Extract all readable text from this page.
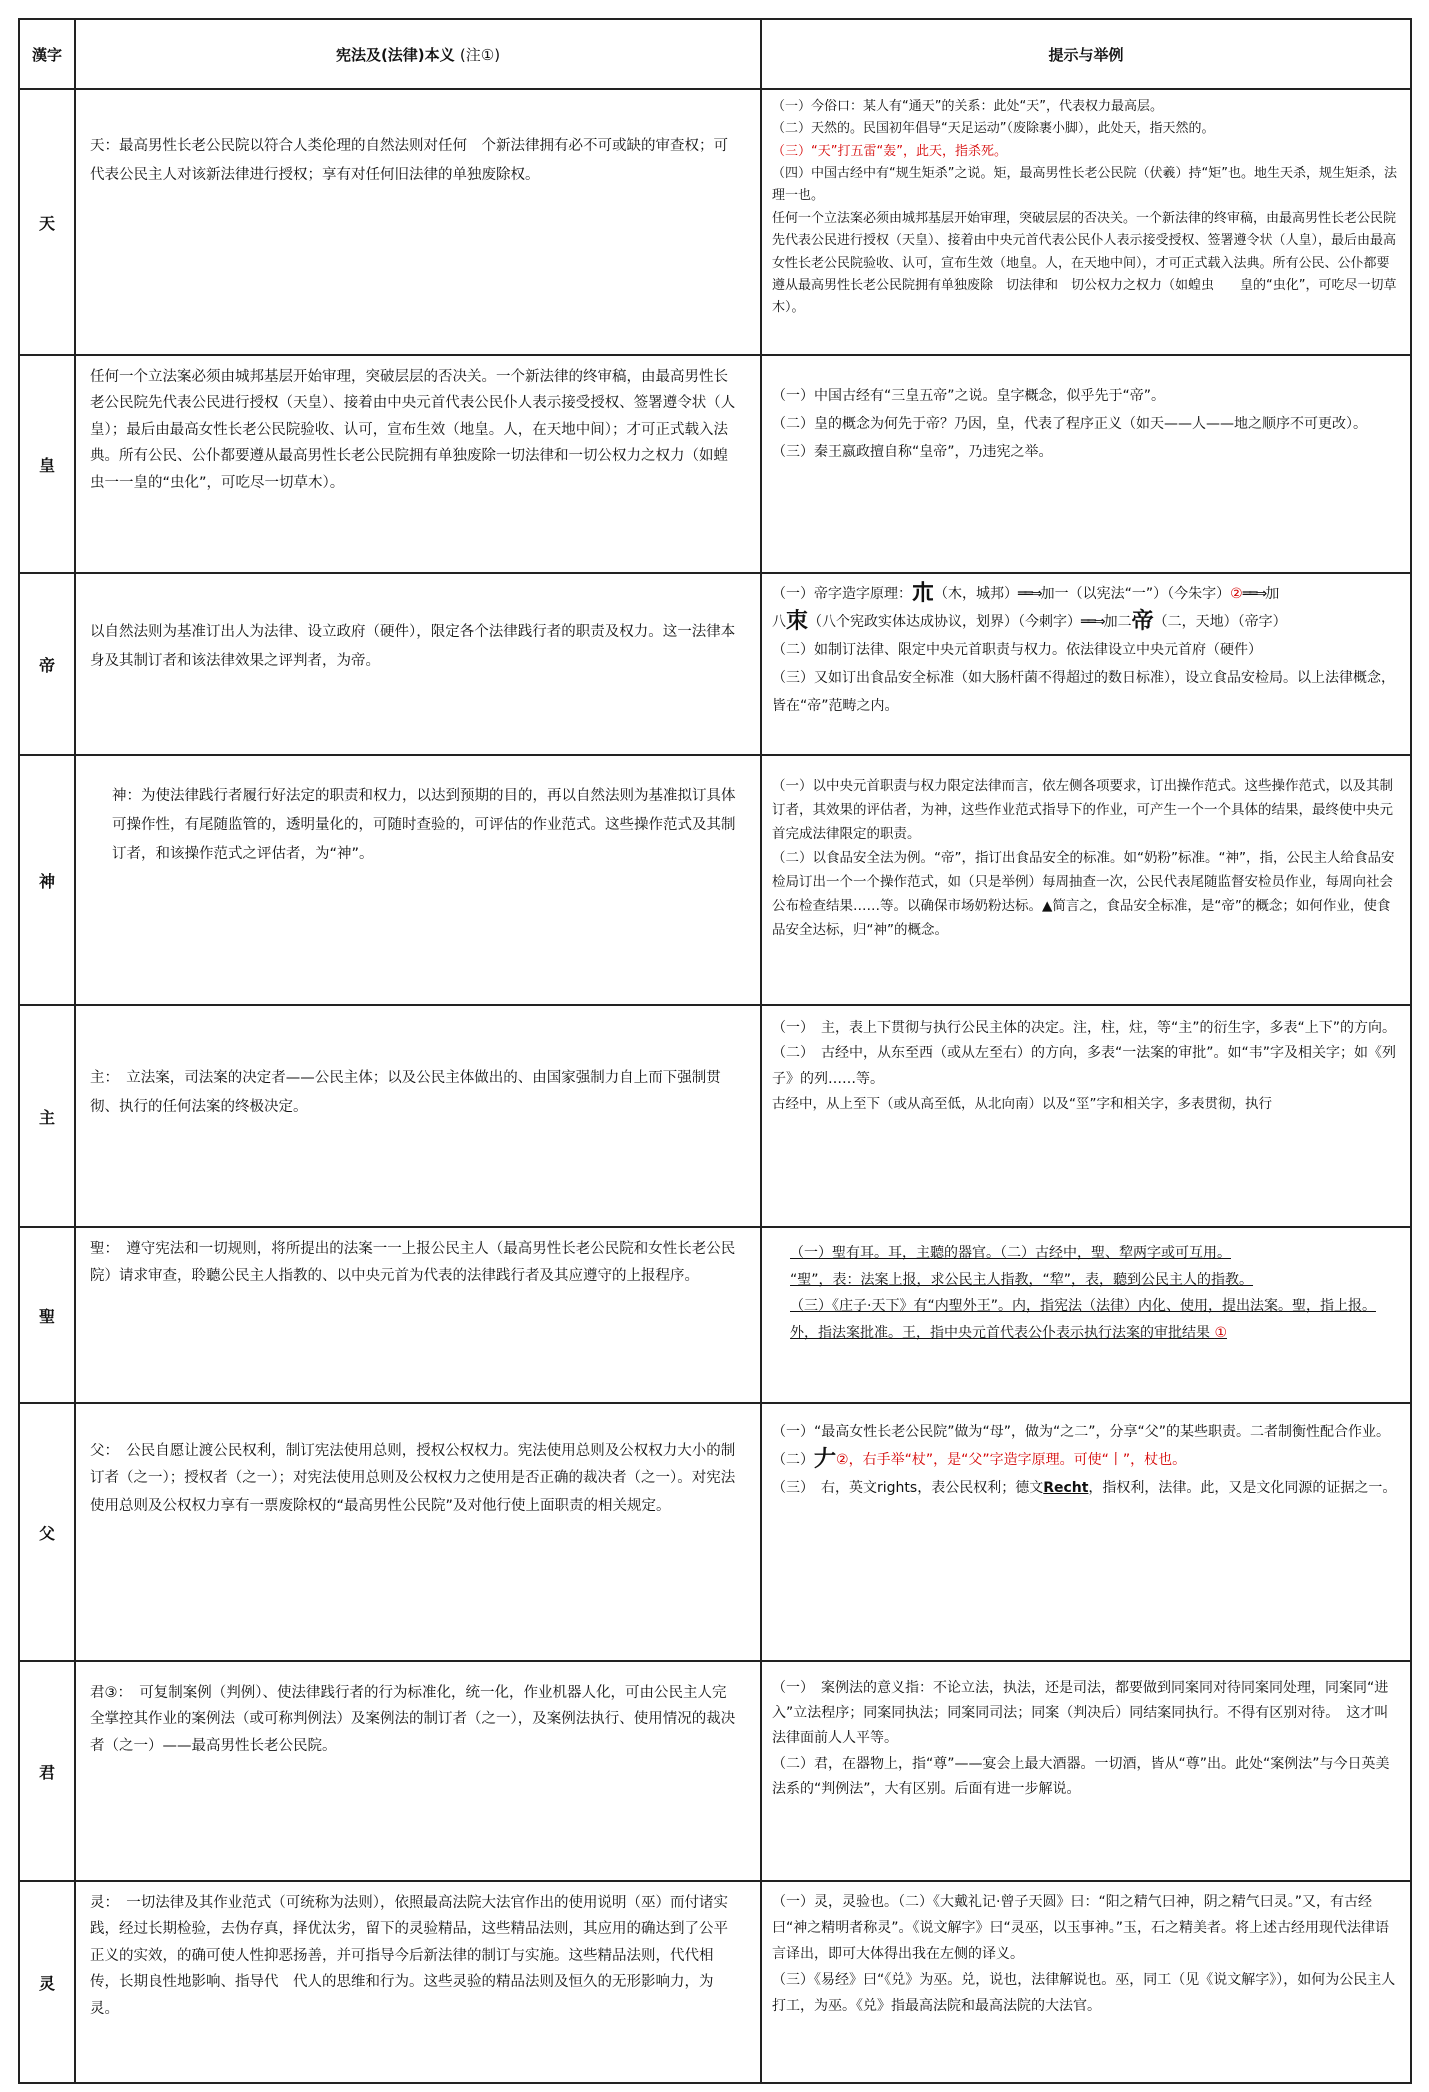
漢字	宪法及(法律)本义 (注①)	提示与举例
天	天：最高男性长老公民院以符合人类伦理的自然法则对任何　个新法律拥有必不可或缺的审查权；可代表公民主人对该新法律进行授权；享有对任何旧法律的单独废除权。	（一）今俗口：某人有“通天”的关系：此处“天”，代表权力最高层。

（二）天然的。民国初年倡导“天足运动”（废除裹小脚），此处天，指天然的。

（三）“天”打五雷“轰”，此天，指杀死。

（四）中国古经中有“规生矩杀”之说。矩，最高男性长老公民院（伏羲）持“矩”也。地生天杀，规生矩杀，法理一也。

任何一个立法案必须由城邦基层开始审理，突破层层的否决关。一个新法律的终审稿，由最高男性长老公民院先代表公民进行授权（天皇）、接着由中央元首代表公民仆人表示接受授权、签署遵令状（人皇），最后由最高女性长老公民院验收、认可，宣布生效（地皇。人，在天地中间），才可正式载入法典。所有公民、公仆都要遵从最高男性长老公民院拥有单独废除　切法律和　切公权力之权力（如蝗虫　　皇的“虫化”，可吃尽一切草木）。

皇	任何一个立法案必须由城邦基层开始审理，突破层层的否决关。一个新法律的终审稿，由最高男性长老公民院先代表公民进行授权（天皇）、接着由中央元首代表公民仆人表示接受授权、签署遵令状（人皇）；最后由最高女性长老公民院验收、认可，宣布生效（地皇。人，在天地中间）；才可正式载入法典。所有公民、公仆都要遵从最高男性长老公民院拥有单独废除一切法律和一切公权力之权力（如蝗虫一一皇的“虫化”，可吃尽一切草木）。	（一）中国古经有“三皇五帝”之说。皇字概念，似乎先于“帝”。

（二）皇的概念为何先于帝？乃因，皇，代表了程序正义（如天——人——地之顺序不可更改）。

（三）秦王嬴政擅自称“皇帝”，乃违宪之举。

帝	以自然法则为基准订出人为法律、设立政府（硬件），限定各个法律践行者的职责及权力。这一法律本身及其制订者和该法律效果之评判者，为帝。	（一）帝字造字原理：𣎳（木，城邦）══⇒加一（以宪法“一”）（今朱字）②══⇒加

八朿（八个宪政实体达成协议，划界）（今刺字）══⇒加二帝（二，天地）（帝字）

（二）如制订法律、限定中央元首职责与权力。依法律设立中央元首府（硬件）

（三）又如订出食品安全标准（如大肠杆菌不得超过的数日标准），设立食品安检局。以上法律概念，皆在“帝”范畴之内。

神	神：为使法律践行者履行好法定的职责和权力，以达到预期的目的，再以自然法则为基准拟订具体可操作性，有尾随监管的，透明量化的，可随时查验的，可评估的作业范式。这些操作范式及其制订者，和该操作范式之评估者，为“神”。	（一）以中央元首职责与权力限定法律而言，依左侧各项要求，订出操作范式。这些操作范式，以及其制订者，其效果的评估者，为神，这些作业范式指导下的作业，可产生一个一个具体的结果，最终使中央元首完成法律限定的职责。

（二）以食品安全法为例。“帝”，指订出食品安全的标准。如“奶粉”标准。“神”，指，公民主人给食品安检局订出一个一个操作范式，如（只是举例）每周抽查一次，公民代表尾随监督安检员作业，每周向社会公布检查结果……等。以确保市场奶粉达标。▲简言之，食品安全标准，是“帝”的概念；如何作业，使食品安全达标，归“神”的概念。

主	主：　立法案，司法案的决定者——公民主体；以及公民主体做出的、由国家强制力自上而下强制贯彻、执行的任何法案的终极决定。	（一）　主，表上下贯彻与执行公民主体的决定。注，柱，炷，等“主”的衍生字，多表“上下”的方向。

（二）　古经中，从东至西（或从左至右）的方向，多表“一法案的审批”。如“韦”字及相关字；如《列子》的列……等。

古经中，从上至下（或从高至低，从北向南）以及“坙”字和相关字，多表贯彻，执行

聖	聖：　遵守宪法和一切规则，将所提出的法案一一上报公民主人（最高男性长老公民院和女性长老公民院）请求审查，聆聽公民主人指教的、以中央元首为代表的法律践行者及其应遵守的上报程序。	（一）聖有耳。耳，主聽的器官。（二）古经中，聖、犂两字或可互用。

“聖”，表：法案上报，求公民主人指教，“犂”，表，聽到公民主人的指教。

（三）《庄子·天下》有“内聖外王”。内，指宪法（法律）内化、使用，提出法案。聖，指上报。外，指法案批准。王，指中央元首代表公仆表示执行法案的审批结果 ①

父	父：　公民自愿让渡公民权利，制订宪法使用总则，授权公权权力。宪法使用总则及公权权力大小的制订者（之一）；授权者（之一）；对宪法使用总则及公权权力之使用是否正确的裁决者（之一）。对宪法使用总则及公权权力享有一票废除权的“最高男性公民院”及对他行使上面职责的相关规定。	（一）“最高女性长老公民院”做为“母”，做为“之二”，分享“父”的某些职责。二者制衡性配合作业。

（二）𠂇②，右手举“杖”，是“父”字造字原理。可使“丨”，杖也。

（三）　右，英文rights，表公民权利；德文Recht，指权利，法律。此，又是文化同源的证据之一。

君	君③：　可复制案例（判例）、使法律践行者的行为标准化，统一化，作业机器人化，可由公民主人完全掌控其作业的案例法（或可称判例法）及案例法的制订者（之一），及案例法执行、使用情况的裁决者（之一）——最高男性长老公民院。	（一）　案例法的意义指：不论立法，执法，还是司法，都要做到同案同对待同案同处理，同案同“进入”立法程序；同案同执法；同案同司法；同案（判决后）同结案同执行。不得有区别对待。　这才叫法律面前人人平等。

（二）君，在器物上，指“尊”——宴会上最大酒器。一切酒，皆从“尊”出。此处“案例法”与今日英美法系的“判例法”，大有区别。后面有进一步解说。

灵	灵：　一切法律及其作业范式（可统称为法则），依照最高法院大法官作出的使用说明（巫）而付诸实践，经过长期检验，去伪存真，择优汰劣，留下的灵验精品，这些精品法则，其应用的确达到了公平正义的实效，的确可使人性抑恶扬善，并可指导今后新法律的制订与实施。这些精品法则，代代相传，长期良性地影响、指导代　代人的思维和行为。这些灵验的精品法则及恒久的无形影响力，为灵。	（一）灵，灵验也。（二）《大戴礼记·曾子天圆》曰：“阳之精气曰神，阴之精气曰灵。”又，有古经曰“神之精明者称灵”。《说文解字》曰“灵巫，以玉事神。”玉，石之精美者。将上述古经用现代法律语言译出，即可大体得出我在左侧的译义。

（三）《易经》曰“《兑》为巫。兑，说也，法律解说也。巫，同工（见《说文解字》），如何为公民主人打工，为巫。《兑》指最高法院和最高法院的大法官。
